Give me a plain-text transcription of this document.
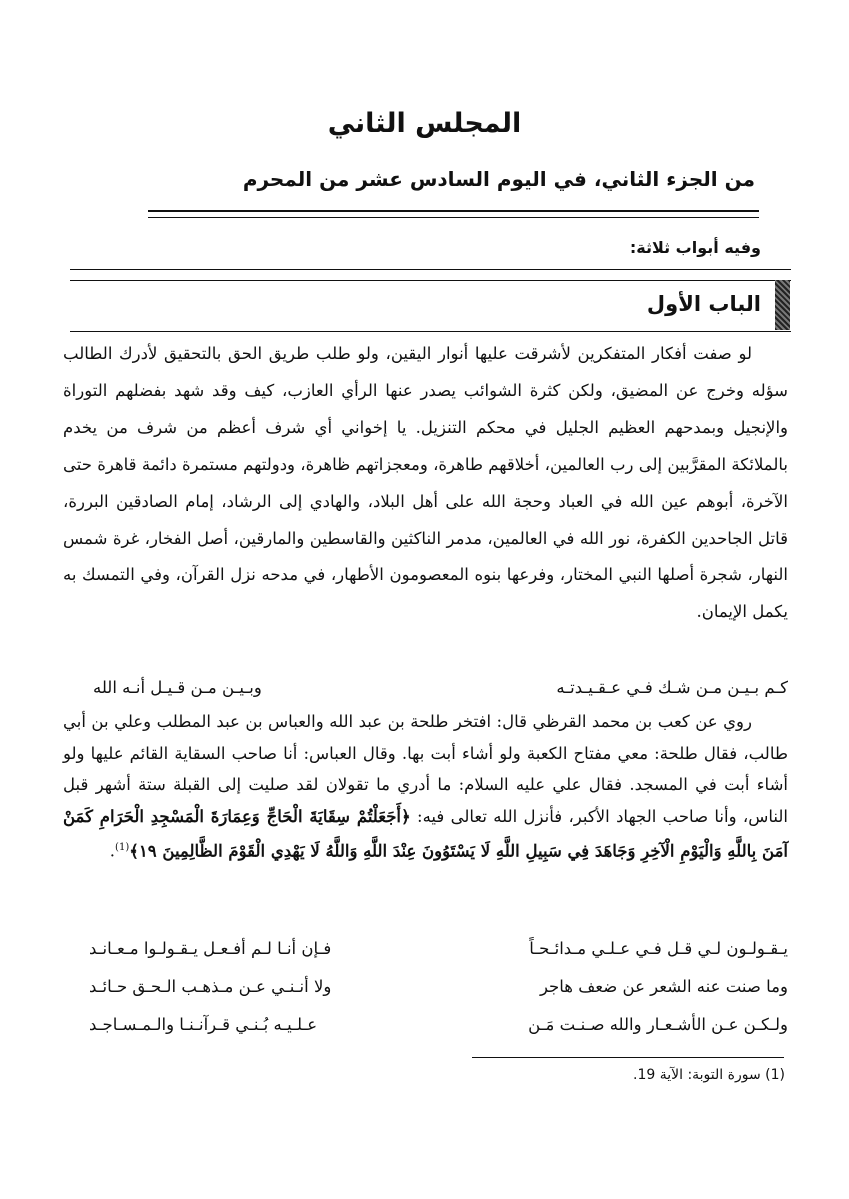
المجلس الثاني
من الجزء الثاني، في اليوم السادس عشر من المحرم
وفيه أبواب ثلاثة:
الباب الأول

لو صفت أفكار المتفكرين لأشرقت عليها أنوار اليقين، ولو طلب طريق الحق بالتحقيق لأدرك الطالب سؤله وخرج عن المضيق، ولكن كثرة الشوائب يصدر عنها الرأي العازب، كيف وقد شهد بفضلهم التوراة والإنجيل وبمدحهم العظيم الجليل في محكم التنزيل. يا إخواني أي شرف أعظم من شرف من يخدم بالملائكة المقرَّبين إلى رب العالمين، أخلاقهم طاهرة، ومعجزاتهم ظاهرة، ودولتهم مستمرة دائمة قاهرة حتى الآخرة، أبوهم عين الله في العباد وحجة الله على أهل البلاد، والهادي إلى الرشاد، إمام الصادقين البررة، قاتل الجاحدين الكفرة، نور الله في العالمين، مدمر الناكثين والقاسطين والمارقين، أصل الفخار، غرة شمس النهار، شجرة أصلها النبي المختار، وفرعها بنوه المعصومون الأطهار، في مدحه نزل القرآن، وفي التمسك به يكمل الإيمان.

كـم بـيـن مـن شـك فـي عـقـيـدتـه
وبـيـن مـن قـيـل أنـه الله

روي عن كعب بن محمد القرظي قال: افتخر طلحة بن عبد الله والعباس بن عبد المطلب وعلي بن أبي طالب، فقال طلحة: معي مفتاح الكعبة ولو أشاء أبت بها. وقال العباس: أنا صاحب السقاية القائم عليها ولو أشاء أبت في المسجد. فقال علي عليه السلام: ما أدري ما تقولان لقد صليت إلى القبلة ستة أشهر قبل الناس، وأنا صاحب الجهاد الأكبر، فأنزل الله تعالى فيه: ﴿أَجَعَلْتُمْ سِقَايَةَ الْحَاجِّ وَعِمَارَةَ الْمَسْجِدِ الْحَرَامِ كَمَنْ آمَنَ بِاللَّهِ وَالْيَوْمِ الْآخِرِ وَجَاهَدَ فِي سَبِيلِ اللَّهِ لَا يَسْتَوُونَ عِنْدَ اللَّهِ وَاللَّهُ لَا يَهْدِي الْقَوْمَ الظَّالِمِينَ ١٩﴾$^{(1)}$.

يـقـولـون لـي قـل فـي عـلـي مـدائـحـاً
فـإن أنـا لـم أفـعـل يـقـولـوا مـعـانـد
وما صنت عنه الشعر عن ضعف هاجر
ولا أنـنـي عـن مـذهـب الـحـق حـائـد
ولـكـن عـن الأشـعـار والله صـنـت مَـن
عـلـيـه بُـنـي قـرآنـنـا والـمـسـاجـد
(1) سورة التوبة: الآية 19.
